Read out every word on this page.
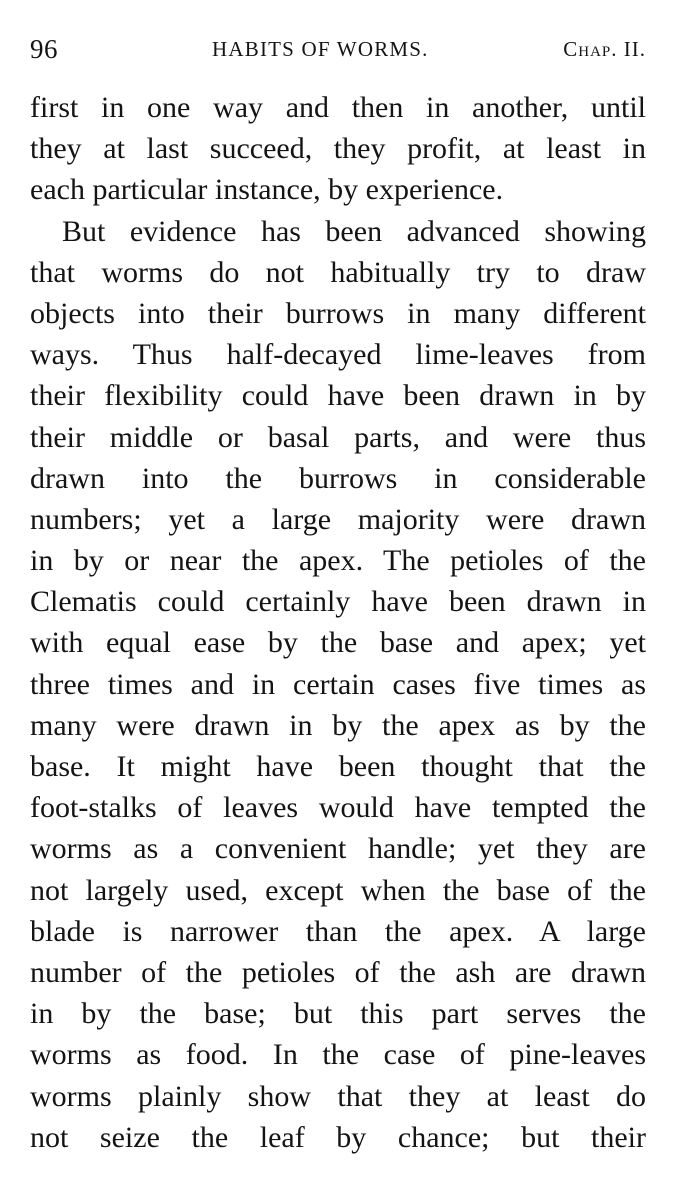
96	HABITS OF WORMS.	Chap. II.
first in one way and then in another, until
they at last succeed, they profit, at least in
each particular instance, by experience.
But evidence has been advanced showing
that worms do not habitually try to draw
objects into their burrows in many different
ways. Thus half-decayed lime-leaves from
their flexibility could have been drawn in by
their middle or basal parts, and were thus
drawn into the burrows in considerable
numbers; yet a large majority were drawn
in by or near the apex. The petioles of the
Clematis could certainly have been drawn in
with equal ease by the base and apex; yet
three times and in certain cases five times as
many were drawn in by the apex as by the
base. It might have been thought that the
foot-stalks of leaves would have tempted the
worms as a convenient handle; yet they are
not largely used, except when the base of the
blade is narrower than the apex. A large
number of the petioles of the ash are drawn
in by the base; but this part serves the
worms as food. In the case of pine-leaves
worms plainly show that they at least do
not seize the leaf by chance; but their
